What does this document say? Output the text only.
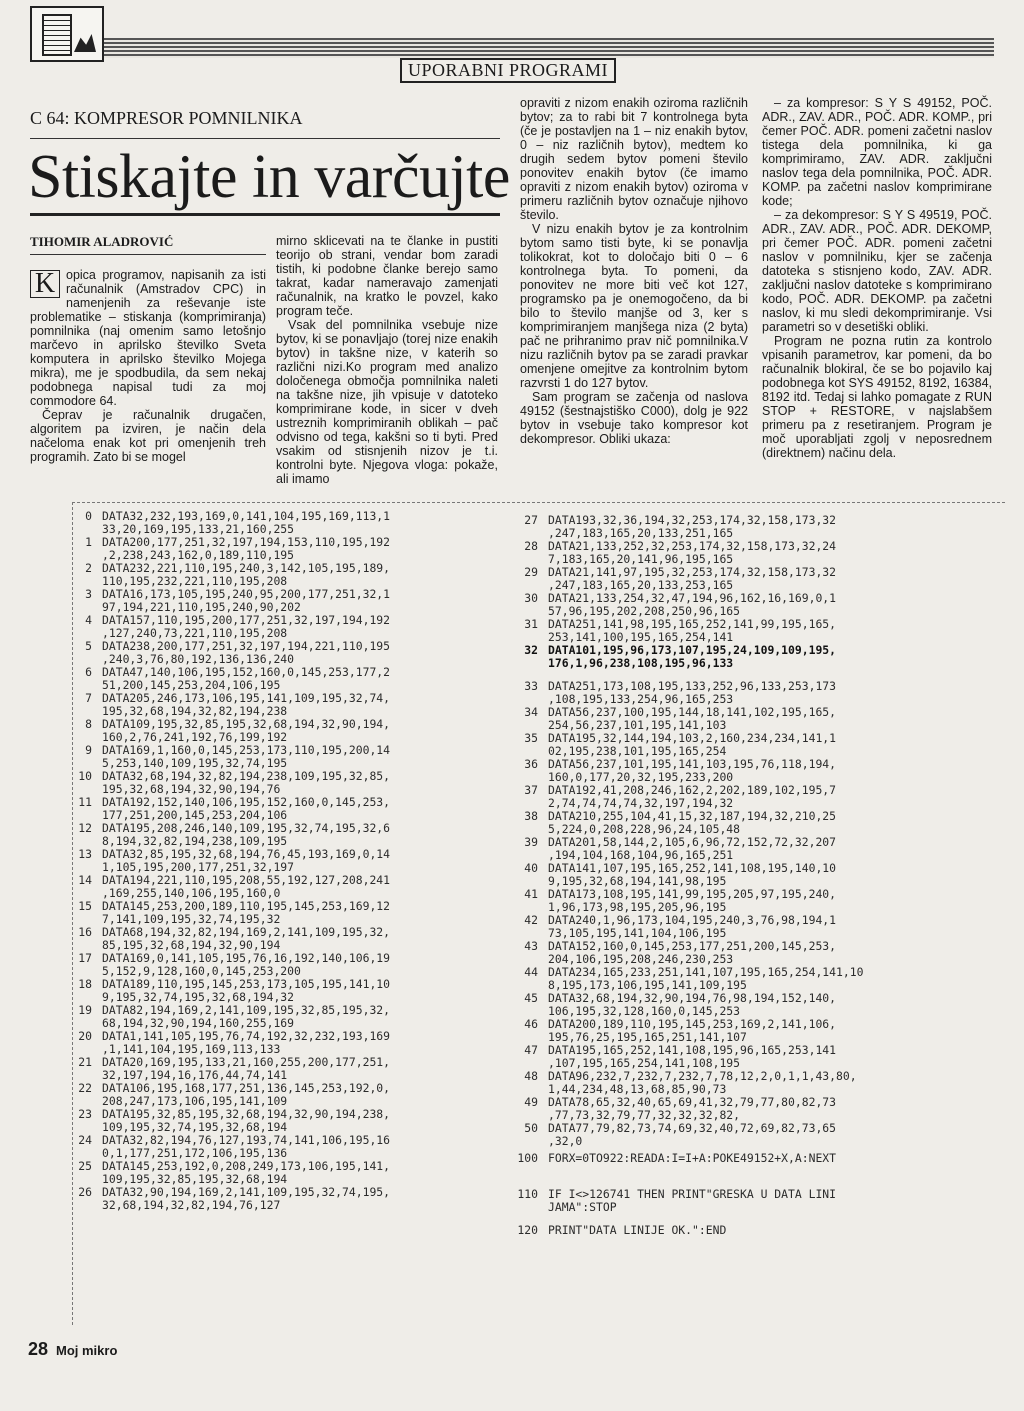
UPORABNI PROGRAMI
C 64: KOMPRESOR POMNILNIKA
Stiskajte in varčujte
TIHOMIR ALADROVIĆ

K opica programov, napisanih za isti računalnik (Amstradov CPC) in namenjenih za reševanje iste problematike – stiskanja (komprimiranja) pomnilnika (naj omenim samo letošnjo marčevo in aprilsko številko Sveta komputera in aprilsko številko Mojega mikra), me je spodbudila, da sem nekaj podobnega napisal tudi za moj commodore 64.

Čeprav je računalnik drugačen, algoritem pa izviren, je način dela načeloma enak kot pri omenjenih treh programih. Zato bi se mogel

mirno sklicevati na te članke in pustiti teorijo ob strani, vendar bom zaradi tistih, ki podobne članke berejo samo takrat, kadar nameravajo zamenjati računalnik, na kratko le povzel, kako program teče.

Vsak del pomnilnika vsebuje nize bytov, ki se ponavljajo (torej nize enakih bytov) in takšne nize, v katerih so različni nizi.Ko program med analizo določenega območja pomnilnika naleti na takšne nize, jih vpisuje v datoteko komprimirane kode, in sicer v dveh ustreznih komprimiranih oblikah – pač odvisno od tega, kakšni so ti byti. Pred vsakim od stisnjenih nizov je t.i. kontrolni byte. Njegova vloga: pokaže, ali imamo

opraviti z nizom enakih oziroma različnih bytov; za to rabi bit 7 kontrolnega byta (če je postavljen na 1 – niz enakih bytov, 0 – niz različnih bytov), medtem ko drugih sedem bytov pomeni število ponovitev enakih bytov (če imamo opraviti z nizom enakih bytov) oziroma v primeru različnih bytov označuje njihovo število.

V nizu enakih bytov je za kontrolnim bytom samo tisti byte, ki se ponavlja tolikokrat, kot to določajo biti 0 – 6 kontrolnega byta. To pomeni, da ponovitev ne more biti več kot 127, programsko pa je onemogočeno, da bi bilo to število manjše od 3, ker s komprimiranjem manjšega niza (2 byta) pač ne prihranimo prav nič pomnilnika.V nizu različnih bytov pa se zaradi pravkar omenjene omejitve za kontrolnim bytom razvrsti 1 do 127 bytov.

Sam program se začenja od naslova 49152 (šestnajstiško C000), dolg je 922 bytov in vsebuje tako kompresor kot dekompresor. Obliki ukaza:

– za kompresor: S Y S 49152, POČ. ADR., ZAV. ADR., POČ. ADR. KOMP., pri čemer POČ. ADR. pomeni začetni naslov tistega dela pomnilnika, ki ga komprimiramo, ZAV. ADR. zaključni naslov tega dela pomnilnika, POČ. ADR. KOMP. pa začetni naslov komprimirane kode;

– za dekompresor: S Y S 49519, POČ. ADR., ZAV. ADR., POČ. ADR. DEKOMP, pri čemer POČ. ADR. pomeni začetni naslov v pomnilniku, kjer se začenja datoteka s stisnjeno kodo, ZAV. ADR. zaključni naslov datoteke s komprimirano kodo, POČ. ADR. DEKOMP. pa začetni naslov, ki mu sledi dekomprimiranje. Vsi parametri so v desetiški obliki.

Program ne pozna rutin za kontrolo vpisanih parametrov, kar pomeni, da bo računalnik blokiral, če se bo pojavilo kaj podobnega kot SYS 49152, 8192, 16384, 8192 itd. Tedaj si lahko pomagate z RUN STOP + RESTORE, v najslabšem primeru pa z resetiranjem. Program je moč uporabljati zgolj v neposrednem (direktnem) načinu dela.

0 DATA32,232,193,169,0,141,104,195,169,113,1
33,20,169,195,133,21,160,255
1 DATA200,177,251,32,197,194,153,110,195,192
,2,238,243,162,0,189,110,195
2 DATA232,221,110,195,240,3,142,105,195,189,
110,195,232,221,110,195,208
3 DATA16,173,105,195,240,95,200,177,251,32,1
97,194,221,110,195,240,90,202
4 DATA157,110,195,200,177,251,32,197,194,192
,127,240,73,221,110,195,208
5 DATA238,200,177,251,32,197,194,221,110,195
,240,3,76,80,192,136,136,240
6 DATA47,140,106,195,152,160,0,145,253,177,2
51,200,145,253,204,106,195
7 DATA205,246,173,106,195,141,109,195,32,74,
195,32,68,194,32,82,194,238
8 DATA109,195,32,85,195,32,68,194,32,90,194,
160,2,76,241,192,76,199,192
9 DATA169,1,160,0,145,253,173,110,195,200,14
5,253,140,109,195,32,74,195
10 DATA32,68,194,32,82,194,238,109,195,32,85,
195,32,68,194,32,90,194,76
11 DATA192,152,140,106,195,152,160,0,145,253,
177,251,200,145,253,204,106
12 DATA195,208,246,140,109,195,32,74,195,32,6
8,194,32,82,194,238,109,195
13 DATA32,85,195,32,68,194,76,45,193,169,0,14
1,105,195,200,177,251,32,197
14 DATA194,221,110,195,208,55,192,127,208,241
,169,255,140,106,195,160,0
15 DATA145,253,200,189,110,195,145,253,169,12
7,141,109,195,32,74,195,32
16 DATA68,194,32,82,194,169,2,141,109,195,32,
85,195,32,68,194,32,90,194
17 DATA169,0,141,105,195,76,16,192,140,106,19
5,152,9,128,160,0,145,253,200
18 DATA189,110,195,145,253,173,105,195,141,10
9,195,32,74,195,32,68,194,32
19 DATA82,194,169,2,141,109,195,32,85,195,32,
68,194,32,90,194,160,255,169
20 DATA1,141,105,195,76,74,192,32,232,193,169
,1,141,104,195,169,113,133
21 DATA20,169,195,133,21,160,255,200,177,251,
32,197,194,16,176,44,74,141
22 DATA106,195,168,177,251,136,145,253,192,0,
208,247,173,106,195,141,109
23 DATA195,32,85,195,32,68,194,32,90,194,238,
109,195,32,74,195,32,68,194
24 DATA32,82,194,76,127,193,74,141,106,195,16
0,1,177,251,172,106,195,136
25 DATA145,253,192,0,208,249,173,106,195,141,
109,195,32,85,195,32,68,194
26 DATA32,90,194,169,2,141,109,195,32,74,195,
32,68,194,32,82,194,76,127
27 DATA193,32,36,194,32,253,174,32,158,173,32
,247,183,165,20,133,251,165
28 DATA21,133,252,32,253,174,32,158,173,32,24
7,183,165,20,141,96,195,165
29 DATA21,141,97,195,32,253,174,32,158,173,32
,247,183,165,20,133,253,165
30 DATA21,133,254,32,47,194,96,162,16,169,0,1
57,96,195,202,208,250,96,165
31 DATA251,141,98,195,165,252,141,99,195,165,
253,141,100,195,165,254,141
32 DATA101,195,96,173,107,195,24,109,109,195,
176,1,96,238,108,195,96,133
33 DATA251,173,108,195,133,252,96,133,253,173
,108,195,133,254,96,165,253
34 DATA56,237,100,195,144,18,141,102,195,165,
254,56,237,101,195,141,103
35 DATA195,32,144,194,103,2,160,234,234,141,1
02,195,238,101,195,165,254
36 DATA56,237,101,195,141,103,195,76,118,194,
160,0,177,20,32,195,233,200
37 DATA192,41,208,246,162,2,202,189,102,195,7
2,74,74,74,74,32,197,194,32
38 DATA210,255,104,41,15,32,187,194,32,210,25
5,224,0,208,228,96,24,105,48
39 DATA201,58,144,2,105,6,96,72,152,72,32,207
,194,104,168,104,96,165,251
40 DATA141,107,195,165,252,141,108,195,140,10
9,195,32,68,194,141,98,195
41 DATA173,108,195,141,99,195,205,97,195,240,
1,96,173,98,195,205,96,195
42 DATA240,1,96,173,104,195,240,3,76,98,194,1
73,105,195,141,104,106,195
43 DATA152,160,0,145,253,177,251,200,145,253,
204,106,195,208,246,230,253
44 DATA234,165,233,251,141,107,195,165,254,141,10
8,195,173,106,195,141,109,195
45 DATA32,68,194,32,90,194,76,98,194,152,140,
106,195,32,128,160,0,145,253
46 DATA200,189,110,195,145,253,169,2,141,106,
195,76,25,195,165,251,141,107
47 DATA195,165,252,141,108,195,96,165,253,141
,107,195,165,254,141,108,195
48 DATA96,232,7,232,7,232,7,78,12,2,0,1,1,43,80,
1,44,234,48,13,68,85,90,73
49 DATA78,65,32,40,65,69,41,32,79,77,80,82,73
,77,73,32,79,77,32,32,32,82,
50 DATA77,79,82,73,74,69,32,40,72,69,82,73,65
,32,0
100 FORX=0TO922:READA:I=I+A:POKE49152+X,A:NEXT
110 IF I<>126741 THEN PRINT"GRESKA U DATA LINI
JAMA":STOP
120 PRINT"DATA LINIJE OK.":END
28 Moj mikro
